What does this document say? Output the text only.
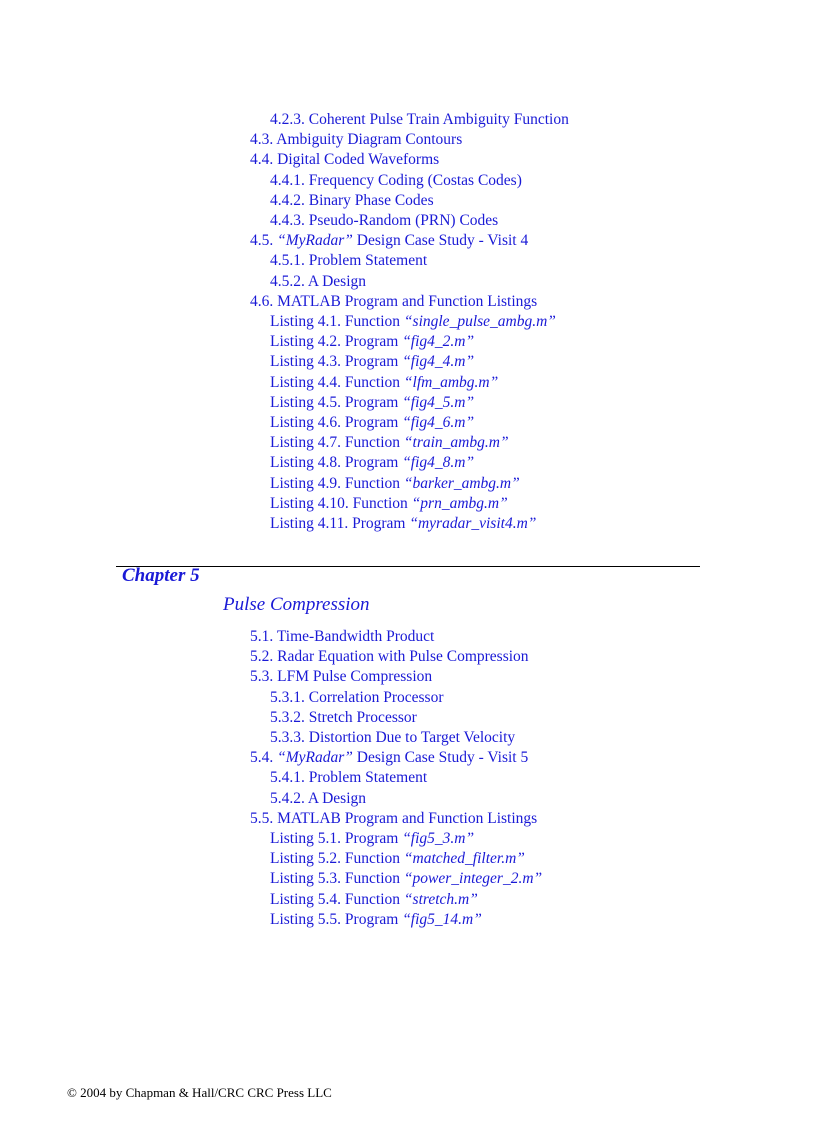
4.2.3. Coherent Pulse Train Ambiguity Function
4.3. Ambiguity Diagram Contours
4.4. Digital Coded Waveforms
4.4.1. Frequency Coding (Costas Codes)
4.4.2. Binary Phase Codes
4.4.3. Pseudo-Random (PRN) Codes
4.5. “MyRadar” Design Case Study - Visit 4
4.5.1. Problem Statement
4.5.2. A Design
4.6. MATLAB Program and Function Listings
Listing 4.1. Function “single_pulse_ambg.m”
Listing 4.2. Program “fig4_2.m”
Listing 4.3. Program “fig4_4.m”
Listing 4.4. Function “lfm_ambg.m”
Listing 4.5. Program “fig4_5.m”
Listing 4.6. Program “fig4_6.m”
Listing 4.7. Function “train_ambg.m”
Listing 4.8. Program “fig4_8.m”
Listing 4.9. Function “barker_ambg.m”
Listing 4.10. Function “prn_ambg.m”
Listing 4.11. Program “myradar_visit4.m”
Chapter 5
Pulse Compression
5.1. Time-Bandwidth Product
5.2. Radar Equation with Pulse Compression
5.3. LFM Pulse Compression
5.3.1. Correlation Processor
5.3.2. Stretch Processor
5.3.3. Distortion Due to Target Velocity
5.4. “MyRadar” Design Case Study - Visit 5
5.4.1. Problem Statement
5.4.2. A Design
5.5. MATLAB Program and Function Listings
Listing 5.1. Program “fig5_3.m”
Listing 5.2. Function “matched_filter.m”
Listing 5.3. Function “power_integer_2.m”
Listing 5.4. Function “stretch.m”
Listing 5.5. Program “fig5_14.m”
© 2004 by Chapman & Hall/CRC CRC Press LLC
